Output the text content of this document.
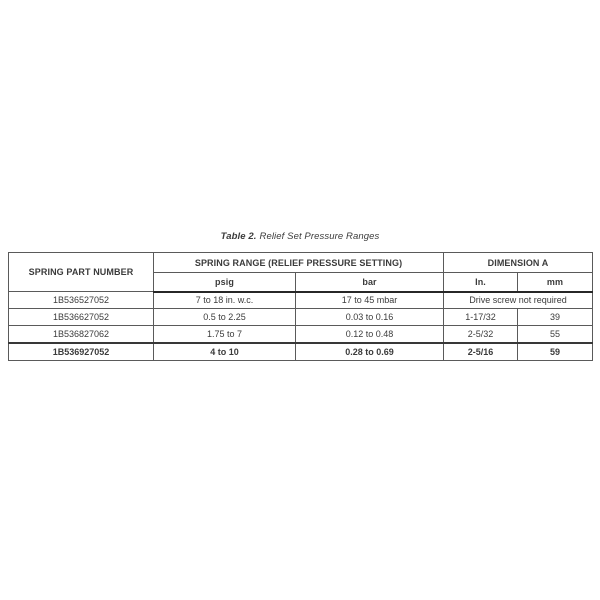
Table 2. Relief Set Pressure Ranges
SPRING PART NUMBER	SPRING RANGE (RELIEF PRESSURE SETTING)		DIMENSION A	
	psig	bar	In.	mm
1B536527052	7 to 18 in. w.c.	17 to 45 mbar	Drive screw not required	
1B536627052	0.5 to 2.25	0.03 to 0.16	1-17/32	39
1B536827062	1.75 to 7	0.12 to 0.48	2-5/32	55
1B536927052	4 to 10	0.28 to 0.69	2-5/16	59
